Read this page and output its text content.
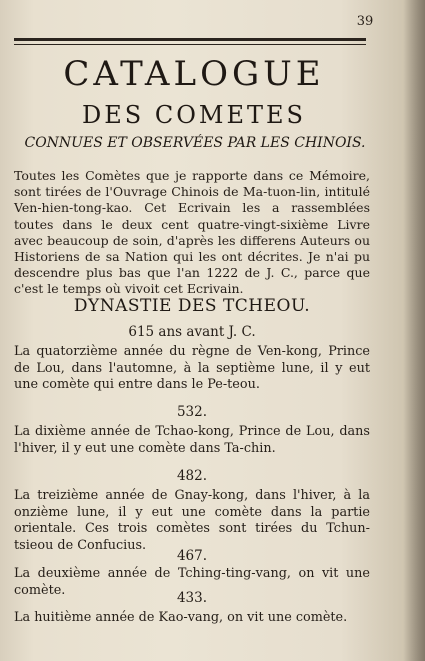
39
CATALOGUE
DES COMETES
CONNUES ET OBSERVÉES PAR LES CHINOIS.
Toutes les Comètes que je rapporte dans ce Mémoire, sont tirées de l'Ouvrage Chinois de Ma-tuon-lin, intitulé Ven-hien-tong-kao. Cet Ecrivain les a rassemblées toutes dans le deux cent quatre-vingt-sixième Livre avec beaucoup de soin, d'après les differens Auteurs ou Historiens de sa Nation qui les ont décrites. Je n'ai pu descendre plus bas que l'an 1222 de J. C., parce que c'est le temps où vivoit cet Ecrivain.
DYNASTIE DES TCHEOU.
615 ans avant J. C.
La quatorzième année du règne de Ven-kong, Prince de Lou, dans l'automne, à la septième lune, il y eut une comète qui entre dans le Pe-teou.
532.
La dixième année de Tchao-kong, Prince de Lou, dans l'hiver, il y eut une comète dans Ta-chin.
482.
La treizième année de Gnay-kong, dans l'hiver, à la onzième lune, il y eut une comète dans la partie orientale. Ces trois comètes sont tirées du Tchun-tsieou de Confucius.
467.
La deuxième année de Tching-ting-vang, on vit une comète.	433.
La huitième année de Kao-vang, on vit une comète.
